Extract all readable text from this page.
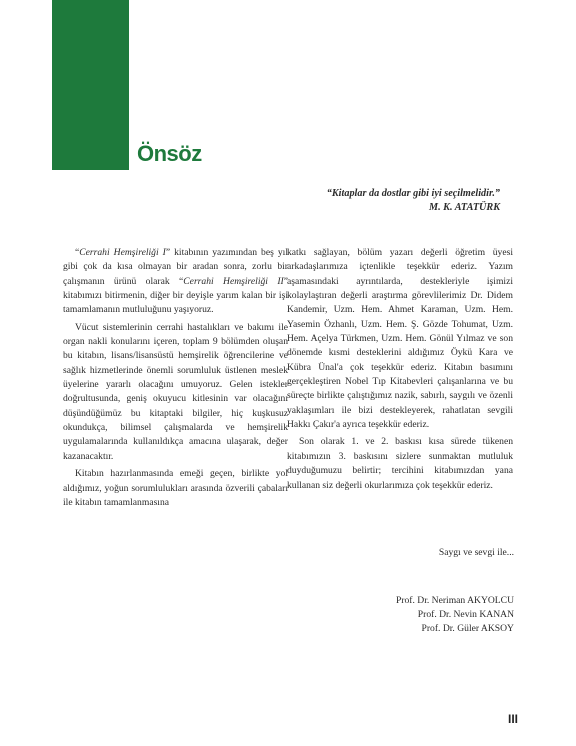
Önsöz
“Kitaplar da dostlar gibi iyi seçilmelidir.”
M. K. ATATÜRK

“Cerrahi Hemşireliği I” kitabının yazımından beş yıl gibi çok da kısa olmayan bir aradan sonra, zorlu bir çalışmanın ürünü olarak “Cerrahi Hemşireliği II” kitabımızı bitirmenin, diğer bir deyişle yarım kalan bir işi tamamlamanın mutluluğunu yaşıyoruz.

Vücut sistemlerinin cerrahi hastalıkları ve bakımı ile organ nakli konularını içeren, toplam 9 bölümden oluşan bu kitabın, lisans/lisansüstü hemşirelik öğrencilerine ve sağlık hizmetlerinde önemli sorumluluk üstlenen meslek üyelerine yararlı olacağını umuyoruz. Gelen istekler doğrultusunda, geniş okuyucu kitlesinin var olacağını düşündüğümüz bu kitaptaki bilgiler, hiç kuşkusuz okundukça, bilimsel çalışmalarda ve hemşirelik uygulamalarında kullanıldıkça amacına ulaşarak, değer kazanacaktır.

Kitabın hazırlanmasında emeği geçen, birlikte yol aldığımız, yoğun sorumlulukları arasında özverili çabaları ile kitabın tamamlanmasına

katkı sağlayan, bölüm yazarı değerli öğretim üyesi arkadaşlarımıza içtenlikle teşekkür ederiz. Yazım aşamasındaki ayrıntılarda, destekleriyle işimizi kolaylaştıran değerli araştırma görevlilerimiz Dr. Didem Kandemir, Uzm. Hem. Ahmet Karaman, Uzm. Hem. Yasemin Özhanlı, Uzm. Hem. Ş. Gözde Tohumat, Uzm. Hem. Açelya Türkmen, Uzm. Hem. Gönül Yılmaz ve son dönemde kısmi desteklerini aldığımız Öykü Kara ve Kübra Ünal'a çok teşekkür ederiz. Kitabın basımını gerçekleştiren Nobel Tıp Kitabevleri çalışanlarına ve bu süreçte birlikte çalıştığımız nazik, sabırlı, saygılı ve özenli yaklaşımları ile bizi destekleyerek, rahatlatan sevgili Hakkı Çakır'a ayrıca teşekkür ederiz.

Son olarak 1. ve 2. baskısı kısa sürede tükenen kitabımızın 3. baskısını sizlere sunmaktan mutluluk duyduğumuzu belirtir; tercihini kitabımızdan yana kullanan siz değerli okurlarımıza çok teşekkür ederiz.

Saygı ve sevgi ile...
Prof. Dr. Neriman AKYOLCU
Prof. Dr. Nevin KANAN
Prof. Dr. Güler AKSOY
III
